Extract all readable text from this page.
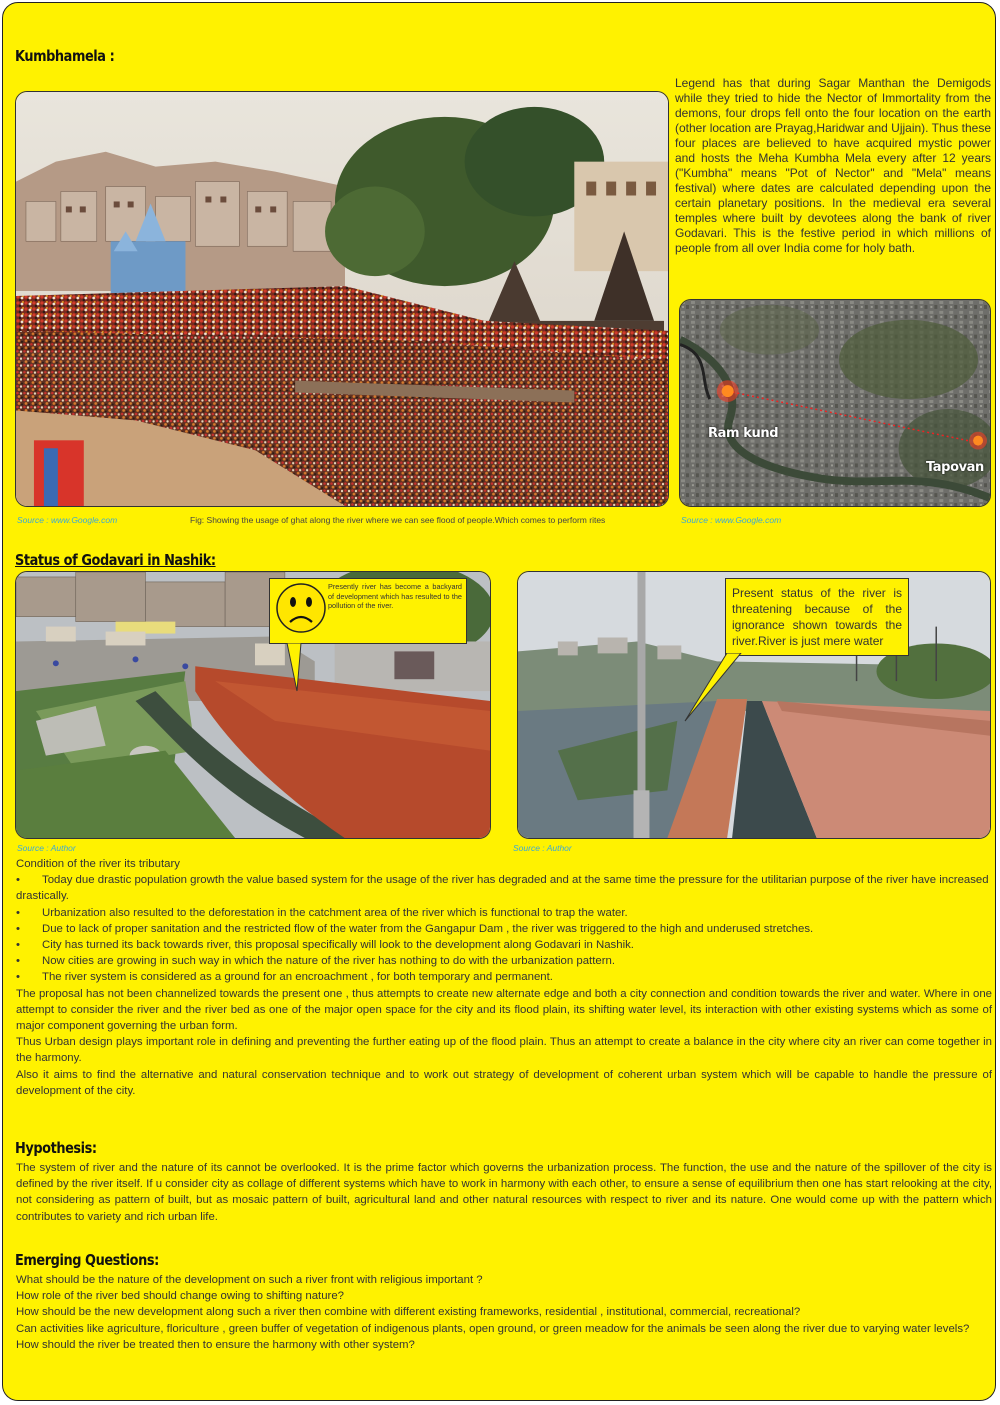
Kumbhamela :
Legend has that during Sagar Manthan the Demigods while they tried to hide the Nector of Immortality from the demons, four drops fell onto the four location on the earth (other location are Prayag,Haridwar and Ujjain). Thus these four places are believed to have acquired mystic power and hosts the Meha Kumbha Mela every after 12 years ("Kumbha" means "Pot of Nector" and "Mela" means festival) where dates are calculated depending upon the certain planetary positions. In the medieval era several temples where built by devotees along the bank of river Godavari. This is the festive period in which millions of people from all over India come for holy bath.
Ram kund
Tapovan
Source : www.Google.com	Fig: Showing the usage of ghat along the river where we can see flood of people.Which comes to perform rites	Source : www.Google.com
Status of Godavari in Nashik:
Presently river has become a backyard of development which has resulted to the pollution of the river.
Present status of the river is threatening because of the ignorance shown towards the river.River is just mere water
Source : Author	Source : Author
Condition of the river its tributary
• Today due drastic population growth the value based system for the usage of the river has degraded and at the same time the pressure for the utilitarian purpose of the river have increased drastically.
• Urbanization also resulted to the deforestation in the catchment area of the river which is functional to trap the water.
• Due to lack of proper sanitation and the restricted flow of the water from the Gangapur Dam , the river was triggered to the high and underused stretches.
• City has turned its back towards river, this proposal specifically will look to the development along Godavari in Nashik.
• Now cities are growing in such way in which the nature of the river has nothing to do with the urbanization pattern.
• The river system is considered as a ground for an encroachment , for both temporary and permanent.
The proposal has not been channelized towards the present one , thus attempts to create new alternate edge and both a city connection and condition towards the river and water. Where in one attempt to consider the river and the river bed as one of the major open space for the city and its flood plain, its shifting water level, its interaction with other existing systems which as some of major component governing the urban form.
Thus Urban design plays important role in defining and preventing the further eating up of the flood plain. Thus an attempt to create a balance in the city where city an river can come together in the harmony.
Also it aims to find the alternative and natural conservation technique and to work out strategy of development of coherent urban system which will be capable to handle the pressure of development of the city.
Hypothesis:
The system of river and the nature of its cannot be overlooked. It is the prime factor which governs the urbanization process. The function, the use and the nature of the spillover of the city is defined by the river itself. If u consider city as collage of different systems which have to work in harmony with each other, to ensure a sense of equilibrium then one has start relooking at the city, not considering as pattern of built, but as mosaic pattern of built, agricultural land and other natural resources with respect to river and its nature. One would come up with the pattern which contributes to variety and rich urban life.
Emerging Questions:
What should be the nature of the development on such a river front with religious important ?
How role of the river bed should change owing to shifting nature?
How should be the new development along such a river then combine with different existing frameworks, residential , institutional, commercial, recreational?
Can activities like agriculture, floriculture , green buffer of vegetation of indigenous plants, open ground, or green meadow for the animals be seen along the river due to varying water levels?
How should the river be treated then to ensure the harmony with other system?
